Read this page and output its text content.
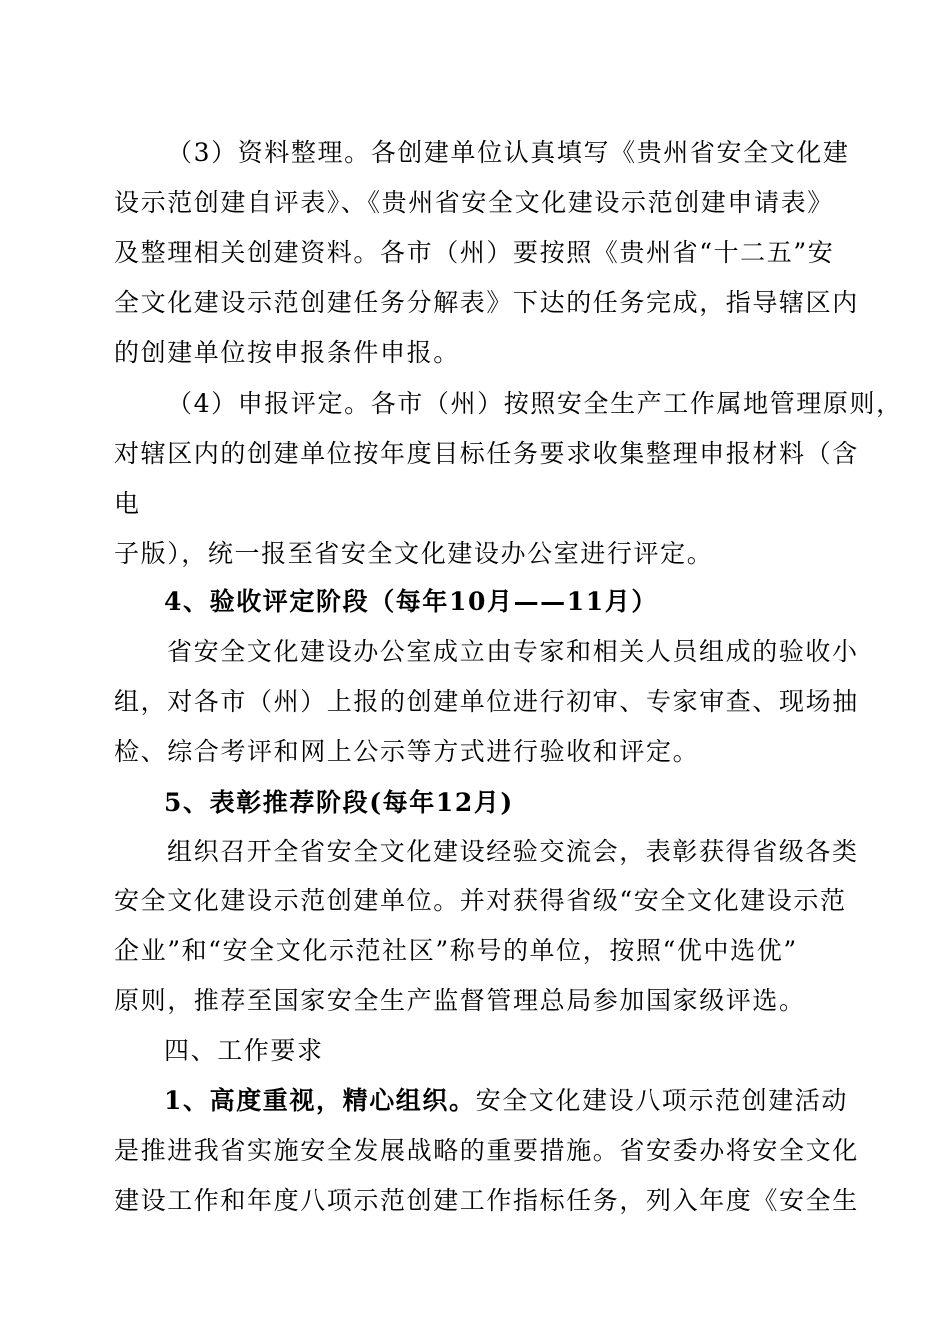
（3）资料整理。各创建单位认真填写《贵州省安全文化建
设示范创建自评表》、《贵州省安全文化建设示范创建申请表》
及整理相关创建资料。各市（州）要按照《贵州省“十二五”安
全文化建设示范创建任务分解表》下达的任务完成，指导辖区内
的创建单位按申报条件申报。
（4）申报评定。各市（州）按照安全生产工作属地管理原则，
对辖区内的创建单位按年度目标任务要求收集整理申报材料（含
电
子版），统一报至省安全文化建设办公室进行评定。
4、验收评定阶段（每年10月——11月）
省安全文化建设办公室成立由专家和相关人员组成的验收小
组，对各市（州）上报的创建单位进行初审、专家审查、现场抽
检、综合考评和网上公示等方式进行验收和评定。
5、表彰推荐阶段(每年12月)
组织召开全省安全文化建设经验交流会，表彰获得省级各类
安全文化建设示范创建单位。并对获得省级“安全文化建设示范
企业”和“安全文化示范社区”称号的单位，按照“优中选优”
原则，推荐至国家安全生产监督管理总局参加国家级评选。
四、工作要求
1、高度重视，精心组织。安全文化建设八项示范创建活动
是推进我省实施安全发展战略的重要措施。省安委办将安全文化
建设工作和年度八项示范创建工作指标任务，列入年度《安全生
